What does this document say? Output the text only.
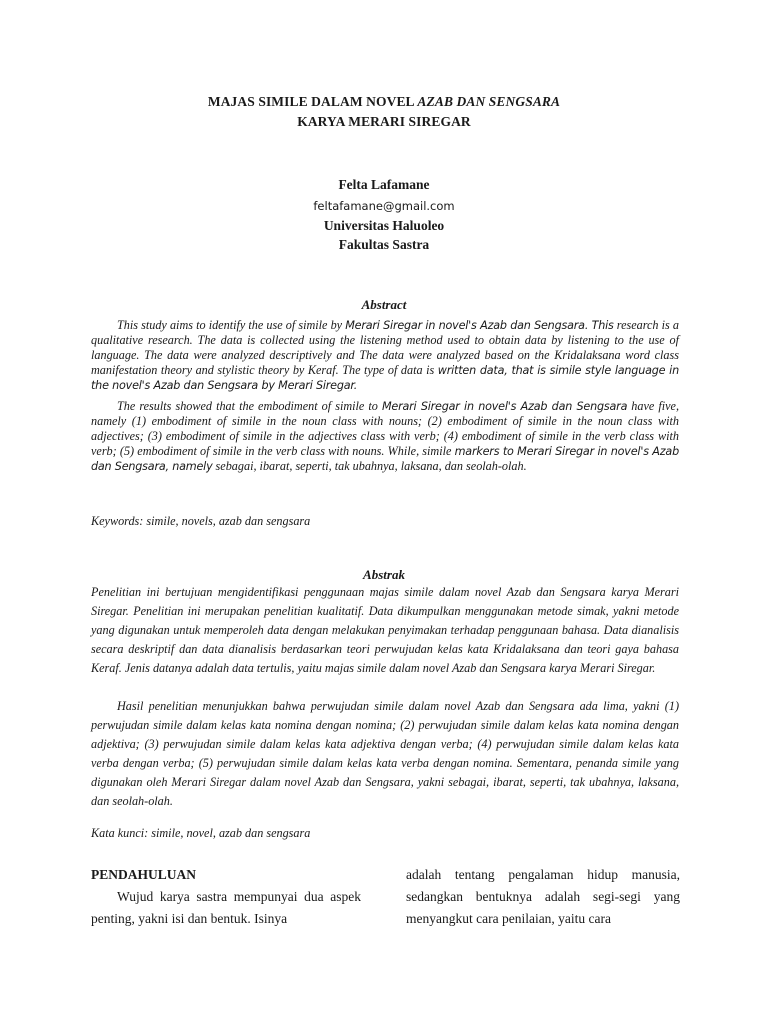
MAJAS SIMILE DALAM NOVEL AZAB DAN SENGSARA
KARYA MERARI SIREGAR
Felta Lafamane
feltafamane@gmail.com
Universitas Haluoleo
Fakultas Sastra
Abstract
This study aims to identify the use of simile by Merari Siregar in novel's Azab dan Sengsara. This research is a qualitative research. The data is collected using the listening method used to obtain data by listening to the use of language. The data were analyzed descriptively and The data were analyzed based on the Kridalaksana word class manifestation theory and stylistic theory by Keraf. The type of data is written data, that is simile style language in the novel's Azab dan Sengsara by Merari Siregar.
The results showed that the embodiment of simile to Merari Siregar in novel's Azab dan Sengsara have five, namely (1) embodiment of simile in the noun class with nouns; (2) embodiment of simile in the noun class with adjectives; (3) embodiment of simile in the adjectives class with verb; (4) embodiment of simile in the verb class with verb; (5) embodiment of simile in the verb class with nouns. While, simile markers to Merari Siregar in novel's Azab dan Sengsara, namely sebagai, ibarat, seperti, tak ubahnya, laksana, dan seolah-olah.
Keywords: simile, novels, azab dan sengsara
Abstrak
Penelitian ini bertujuan mengidentifikasi penggunaan majas simile dalam novel Azab dan Sengsara karya Merari Siregar. Penelitian ini merupakan penelitian kualitatif. Data dikumpulkan menggunakan metode simak, yakni metode yang digunakan untuk memperoleh data dengan melakukan penyimakan terhadap penggunaan bahasa. Data dianalisis secara deskriptif dan data dianalisis berdasarkan teori perwujudan kelas kata Kridalaksana dan teori gaya bahasa Keraf. Jenis datanya adalah data tertulis, yaitu majas simile dalam novel Azab dan Sengsara karya Merari Siregar.
Hasil penelitian menunjukkan bahwa perwujudan simile dalam novel Azab dan Sengsara ada lima, yakni (1) perwujudan simile dalam kelas kata nomina dengan nomina; (2) perwujudan simile dalam kelas kata nomina dengan adjektiva; (3) perwujudan simile dalam kelas kata adjektiva dengan verba; (4) perwujudan simile dalam kelas kata verba dengan verba; (5) perwujudan simile dalam kelas kata verba dengan nomina. Sementara, penanda simile yang digunakan oleh Merari Siregar dalam novel Azab dan Sengsara, yakni sebagai, ibarat, seperti, tak ubahnya, laksana, dan seolah-olah.
Kata kunci: simile, novel, azab dan sengsara
PENDAHULUAN

Wujud karya sastra mempunyai dua aspek penting, yakni isi dan bentuk. Isinya

adalah tentang pengalaman hidup manusia, sedangkan bentuknya adalah segi-segi yang menyangkut cara penilaian, yaitu cara
